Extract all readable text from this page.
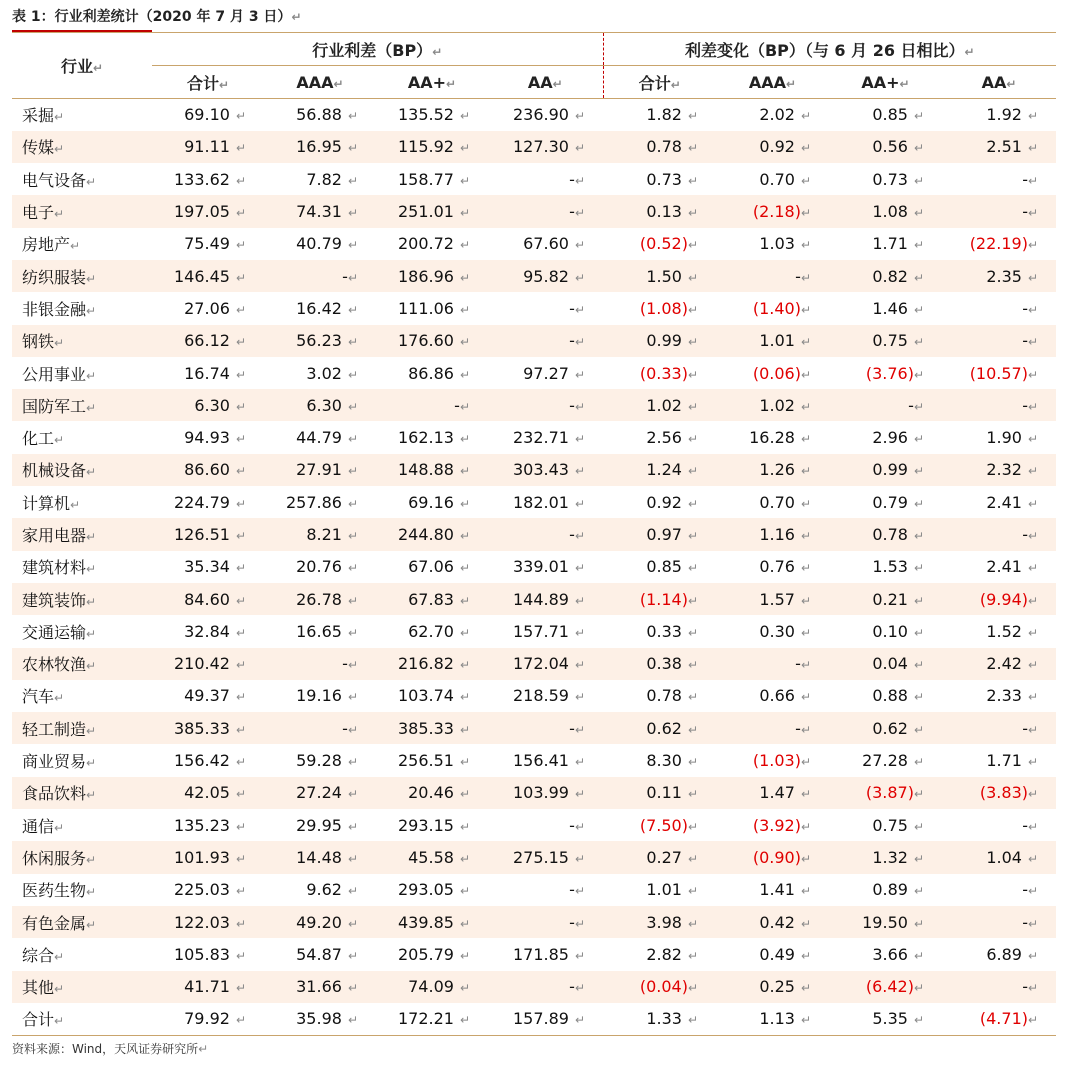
表 1：行业利差统计（2020 年 7 月 3 日）↵
行业↵	行业利差（BP）↵				利差变化（BP）（与 6 月 26 日相比）↵			
	合计↵	AAA↵	AA+↵	AA↵	合计↵	AAA↵	AA+↵	AA↵
采掘↵	69.10 ↵	56.88 ↵	135.52 ↵	236.90 ↵	1.82 ↵	2.02 ↵	0.85 ↵	1.92 ↵
传媒↵	91.11 ↵	16.95 ↵	115.92 ↵	127.30 ↵	0.78 ↵	0.92 ↵	0.56 ↵	2.51 ↵
电气设备↵	133.62 ↵	7.82 ↵	158.77 ↵	-↵	0.73 ↵	0.70 ↵	0.73 ↵	-↵
电子↵	197.05 ↵	74.31 ↵	251.01 ↵	-↵	0.13 ↵	(2.18)↵	1.08 ↵	-↵
房地产↵	75.49 ↵	40.79 ↵	200.72 ↵	67.60 ↵	(0.52)↵	1.03 ↵	1.71 ↵	(22.19)↵
纺织服装↵	146.45 ↵	-↵	186.96 ↵	95.82 ↵	1.50 ↵	-↵	0.82 ↵	2.35 ↵
非银金融↵	27.06 ↵	16.42 ↵	111.06 ↵	-↵	(1.08)↵	(1.40)↵	1.46 ↵	-↵
钢铁↵	66.12 ↵	56.23 ↵	176.60 ↵	-↵	0.99 ↵	1.01 ↵	0.75 ↵	-↵
公用事业↵	16.74 ↵	3.02 ↵	86.86 ↵	97.27 ↵	(0.33)↵	(0.06)↵	(3.76)↵	(10.57)↵
国防军工↵	6.30 ↵	6.30 ↵	-↵	-↵	1.02 ↵	1.02 ↵	-↵	-↵
化工↵	94.93 ↵	44.79 ↵	162.13 ↵	232.71 ↵	2.56 ↵	16.28 ↵	2.96 ↵	1.90 ↵
机械设备↵	86.60 ↵	27.91 ↵	148.88 ↵	303.43 ↵	1.24 ↵	1.26 ↵	0.99 ↵	2.32 ↵
计算机↵	224.79 ↵	257.86 ↵	69.16 ↵	182.01 ↵	0.92 ↵	0.70 ↵	0.79 ↵	2.41 ↵
家用电器↵	126.51 ↵	8.21 ↵	244.80 ↵	-↵	0.97 ↵	1.16 ↵	0.78 ↵	-↵
建筑材料↵	35.34 ↵	20.76 ↵	67.06 ↵	339.01 ↵	0.85 ↵	0.76 ↵	1.53 ↵	2.41 ↵
建筑装饰↵	84.60 ↵	26.78 ↵	67.83 ↵	144.89 ↵	(1.14)↵	1.57 ↵	0.21 ↵	(9.94)↵
交通运输↵	32.84 ↵	16.65 ↵	62.70 ↵	157.71 ↵	0.33 ↵	0.30 ↵	0.10 ↵	1.52 ↵
农林牧渔↵	210.42 ↵	-↵	216.82 ↵	172.04 ↵	0.38 ↵	-↵	0.04 ↵	2.42 ↵
汽车↵	49.37 ↵	19.16 ↵	103.74 ↵	218.59 ↵	0.78 ↵	0.66 ↵	0.88 ↵	2.33 ↵
轻工制造↵	385.33 ↵	-↵	385.33 ↵	-↵	0.62 ↵	-↵	0.62 ↵	-↵
商业贸易↵	156.42 ↵	59.28 ↵	256.51 ↵	156.41 ↵	8.30 ↵	(1.03)↵	27.28 ↵	1.71 ↵
食品饮料↵	42.05 ↵	27.24 ↵	20.46 ↵	103.99 ↵	0.11 ↵	1.47 ↵	(3.87)↵	(3.83)↵
通信↵	135.23 ↵	29.95 ↵	293.15 ↵	-↵	(7.50)↵	(3.92)↵	0.75 ↵	-↵
休闲服务↵	101.93 ↵	14.48 ↵	45.58 ↵	275.15 ↵	0.27 ↵	(0.90)↵	1.32 ↵	1.04 ↵
医药生物↵	225.03 ↵	9.62 ↵	293.05 ↵	-↵	1.01 ↵	1.41 ↵	0.89 ↵	-↵
有色金属↵	122.03 ↵	49.20 ↵	439.85 ↵	-↵	3.98 ↵	0.42 ↵	19.50 ↵	-↵
综合↵	105.83 ↵	54.87 ↵	205.79 ↵	171.85 ↵	2.82 ↵	0.49 ↵	3.66 ↵	6.89 ↵
其他↵	41.71 ↵	31.66 ↵	74.09 ↵	-↵	(0.04)↵	0.25 ↵	(6.42)↵	-↵
合计↵	79.92 ↵	35.98 ↵	172.21 ↵	157.89 ↵	1.33 ↵	1.13 ↵	5.35 ↵	(4.71)↵
资料来源：Wind，天风证券研究所↵
